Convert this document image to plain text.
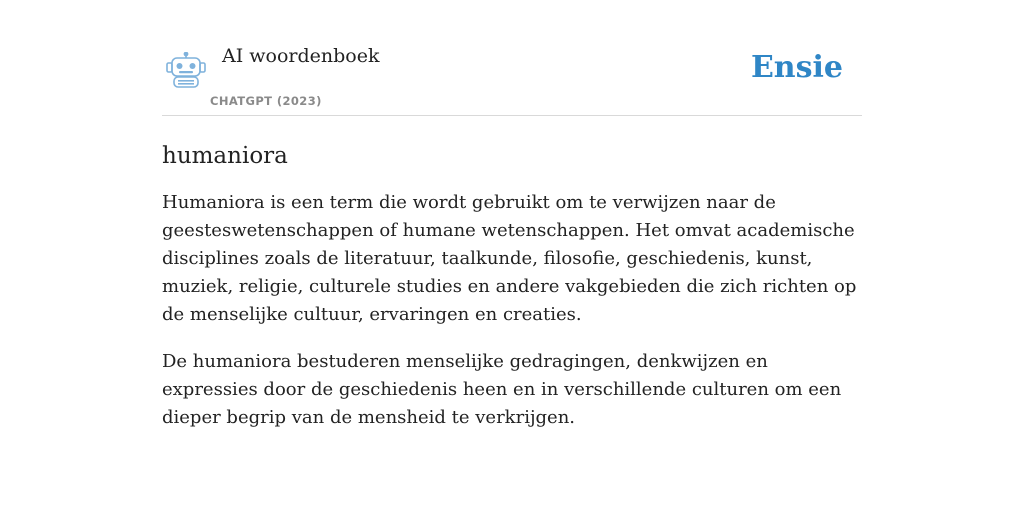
AI woordenboek
CHATGPT (2023)
Ensie
humaniora

Humaniora is een term die wordt gebruikt om te verwijzen naar de geesteswetenschappen of humane wetenschappen. Het omvat academische disciplines zoals de literatuur, taalkunde, filosofie, geschiedenis, kunst, muziek, religie, culturele studies en andere vakgebieden die zich richten op de menselijke cultuur, ervaringen en creaties.

De humaniora bestuderen menselijke gedragingen, denkwijzen en expressies door de geschiedenis heen en in verschillende culturen om een dieper begrip van de mensheid te verkrijgen.
